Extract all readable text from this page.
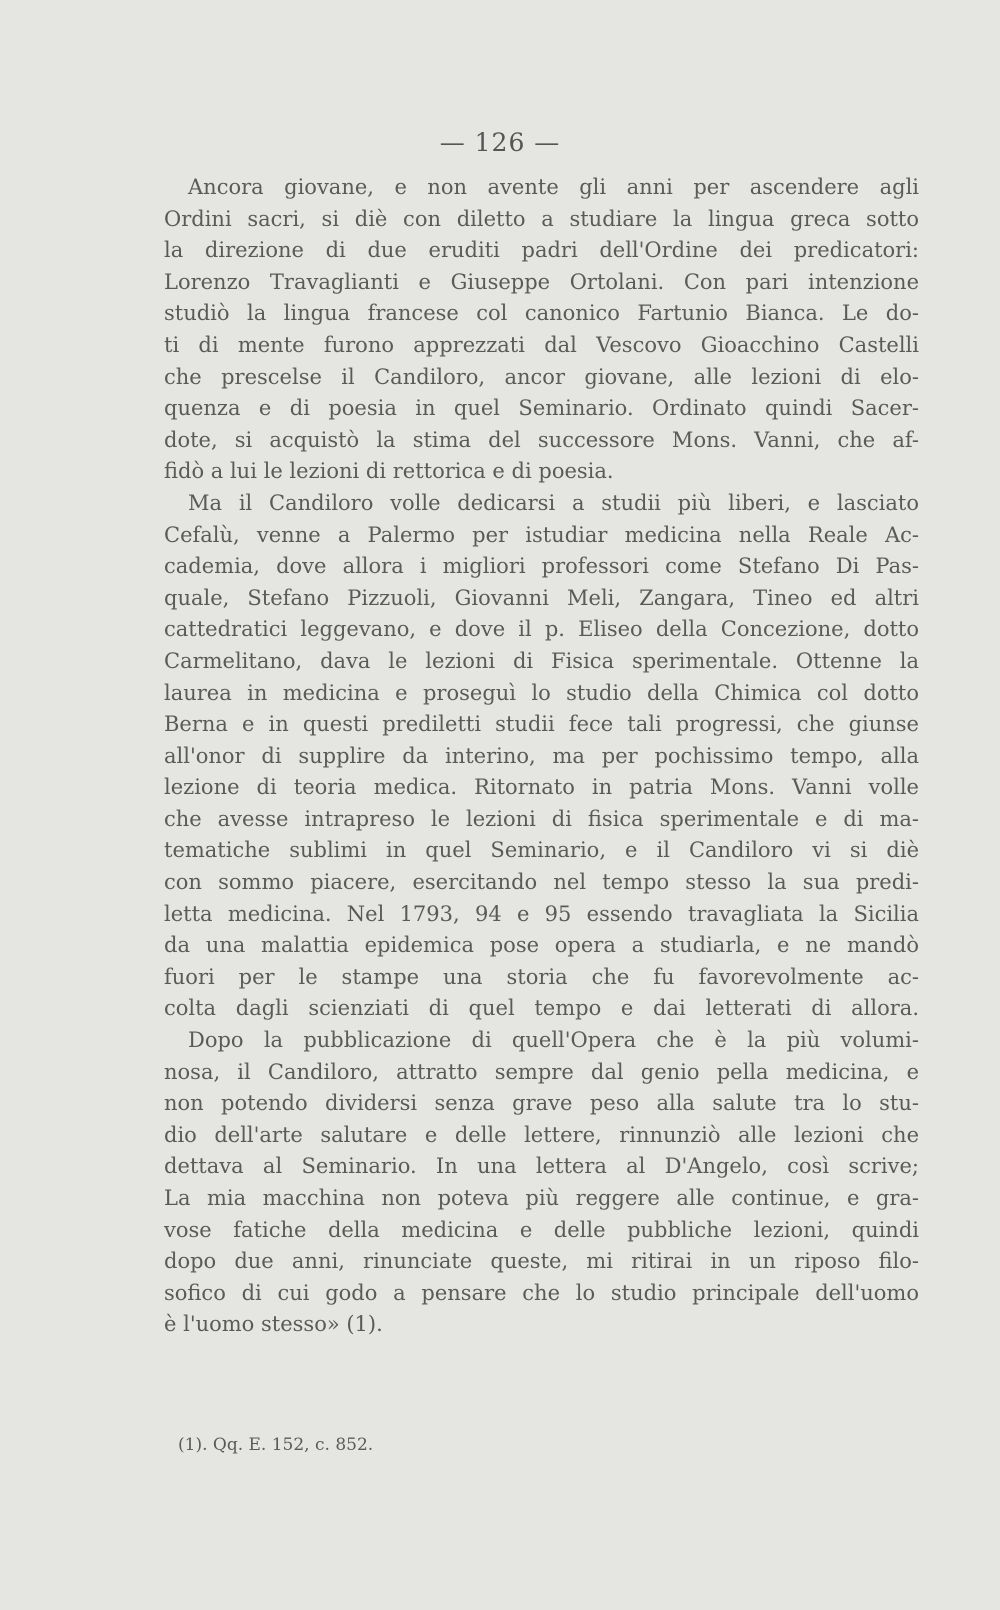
— 126 —
Ancora giovane, e non avente gli anni per ascendere agli
Ordini sacri, si diè con diletto a studiare la lingua greca sotto
la direzione di due eruditi padri dell'Ordine dei predicatori:
Lorenzo Travaglianti e Giuseppe Ortolani. Con pari intenzione
studiò la lingua francese col canonico Fartunio Bianca. Le do-
ti di mente furono apprezzati dal Vescovo Gioacchino Castelli
che prescelse il Candiloro, ancor giovane, alle lezioni di elo-
quenza e di poesia in quel Seminario. Ordinato quindi Sacer-
dote, si acquistò la stima del successore Mons. Vanni, che af-
fidò a lui le lezioni di rettorica e di poesia.
Ma il Candiloro volle dedicarsi a studii più liberi, e lasciato
Cefalù, venne a Palermo per istudiar medicina nella Reale Ac-
cademia, dove allora i migliori professori come Stefano Di Pas-
quale, Stefano Pizzuoli, Giovanni Meli, Zangara, Tineo ed altri
cattedratici leggevano, e dove il p. Eliseo della Concezione, dotto
Carmelitano, dava le lezioni di Fisica sperimentale. Ottenne la
laurea in medicina e proseguì lo studio della Chimica col dotto
Berna e in questi prediletti studii fece tali progressi, che giunse
all'onor di supplire da interino, ma per pochissimo tempo, alla
lezione di teoria medica. Ritornato in patria Mons. Vanni volle
che avesse intrapreso le lezioni di fisica sperimentale e di ma-
tematiche sublimi in quel Seminario, e il Candiloro vi si diè
con sommo piacere, esercitando nel tempo stesso la sua predi-
letta medicina. Nel 1793, 94 e 95 essendo travagliata la Sicilia
da una malattia epidemica pose opera a studiarla, e ne mandò
fuori per le stampe una storia che fu favorevolmente ac-
colta dagli scienziati di quel tempo e dai letterati di allora.
Dopo la pubblicazione di quell'Opera che è la più volumi-
nosa, il Candiloro, attratto sempre dal genio pella medicina, e
non potendo dividersi senza grave peso alla salute tra lo stu-
dio dell'arte salutare e delle lettere, rinnunziò alle lezioni che
dettava al Seminario. In una lettera al D'Angelo, così scrive;
La mia macchina non poteva più reggere alle continue, e gra-
vose fatiche della medicina e delle pubbliche lezioni, quindi
dopo due anni, rinunciate queste, mi ritirai in un riposo filo-
sofico di cui godo a pensare che lo studio principale dell'uomo
è l'uomo stesso» (1).
(1). Qq. E. 152, c. 852.
